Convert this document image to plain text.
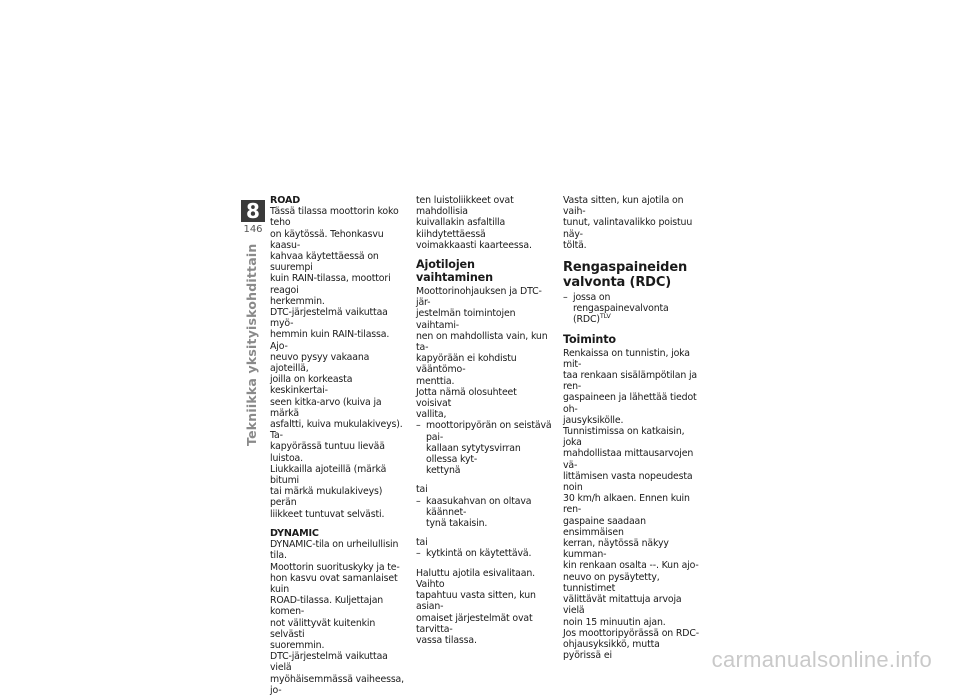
8
146
Tekniikka yksityiskohdittain
ROAD

Tässä tilassa moottorin koko teho

on käytössä. Tehonkasvu kaasu-

kahvaa käytettäessä on suurempi

kuin RAIN-tilassa, moottori reagoi

herkemmin.

DTC-järjestelmä vaikuttaa myö-

hemmin kuin RAIN-tilassa. Ajo-

neuvo pysyy vakaana ajoteillä,

joilla on korkeasta keskinkertai-

seen kitka-arvo (kuiva ja märkä

asfaltti, kuiva mukulakiveys). Ta-

kapyörässä tuntuu lievää luistoa.

Liukkailla ajoteillä (märkä bitumi

tai märkä mukulakiveys) perän

liikkeet tuntuvat selvästi.

DYNAMIC

DYNAMIC-tila on urheilullisin tila.

Moottorin suorituskyky ja te-

hon kasvu ovat samanlaiset kuin

ROAD-tilassa. Kuljettajan komen-

not välittyvät kuitenkin selvästi

suoremmin.

DTC-järjestelmä vaikuttaa vielä

myöhäisemmässä vaiheessa, jo-

ten luistoliikkeet ovat mahdollisia

kuivallakin asfaltilla kiihdytettäessä

voimakkaasti kaarteessa.

Ajotilojen vaihtaminen

Moottorinohjauksen ja DTC-jär-

jestelmän toimintojen vaihtami-

nen on mahdollista vain, kun ta-

kapyörään ei kohdistu vääntömo-

menttia.

Jotta nämä olosuhteet voisivat

vallita,

– moottoripyörän on seistävä pai-
kallaan sytytysvirran ollessa kyt-
kettynä

tai

– kaasukahvan on oltava käännet-
tynä takaisin.

tai

– kytkintä on käytettävä.

Haluttu ajotila esivalitaan. Vaihto

tapahtuu vasta sitten, kun asian-

omaiset järjestelmät ovat tarvitta-

vassa tilassa.

Vasta sitten, kun ajotila on vaih-

tunut, valintavalikko poistuu näy-

töltä.

Rengaspaineiden
valvonta (RDC)
– jossa on rengaspainevalvonta
(RDC)$^{TLV}$
Toiminto

Renkaissa on tunnistin, joka mit-

taa renkaan sisälämpötilan ja ren-

gaspaineen ja lähettää tiedot oh-

jausyksikölle.

Tunnistimissa on katkaisin, joka

mahdollistaa mittausarvojen vä-

littämisen vasta nopeudesta noin

30 km/h alkaen. Ennen kuin ren-

gaspaine saadaan ensimmäisen

kerran, näytössä näkyy kumman-

kin renkaan osalta --. Kun ajo-

neuvo on pysäytetty, tunnistimet

välittävät mitattuja arvoja vielä

noin 15 minuutin ajan.

Jos moottoripyörässä on RDC-

ohjausyksikkö, mutta pyörissä ei	carmanualsonline.info
